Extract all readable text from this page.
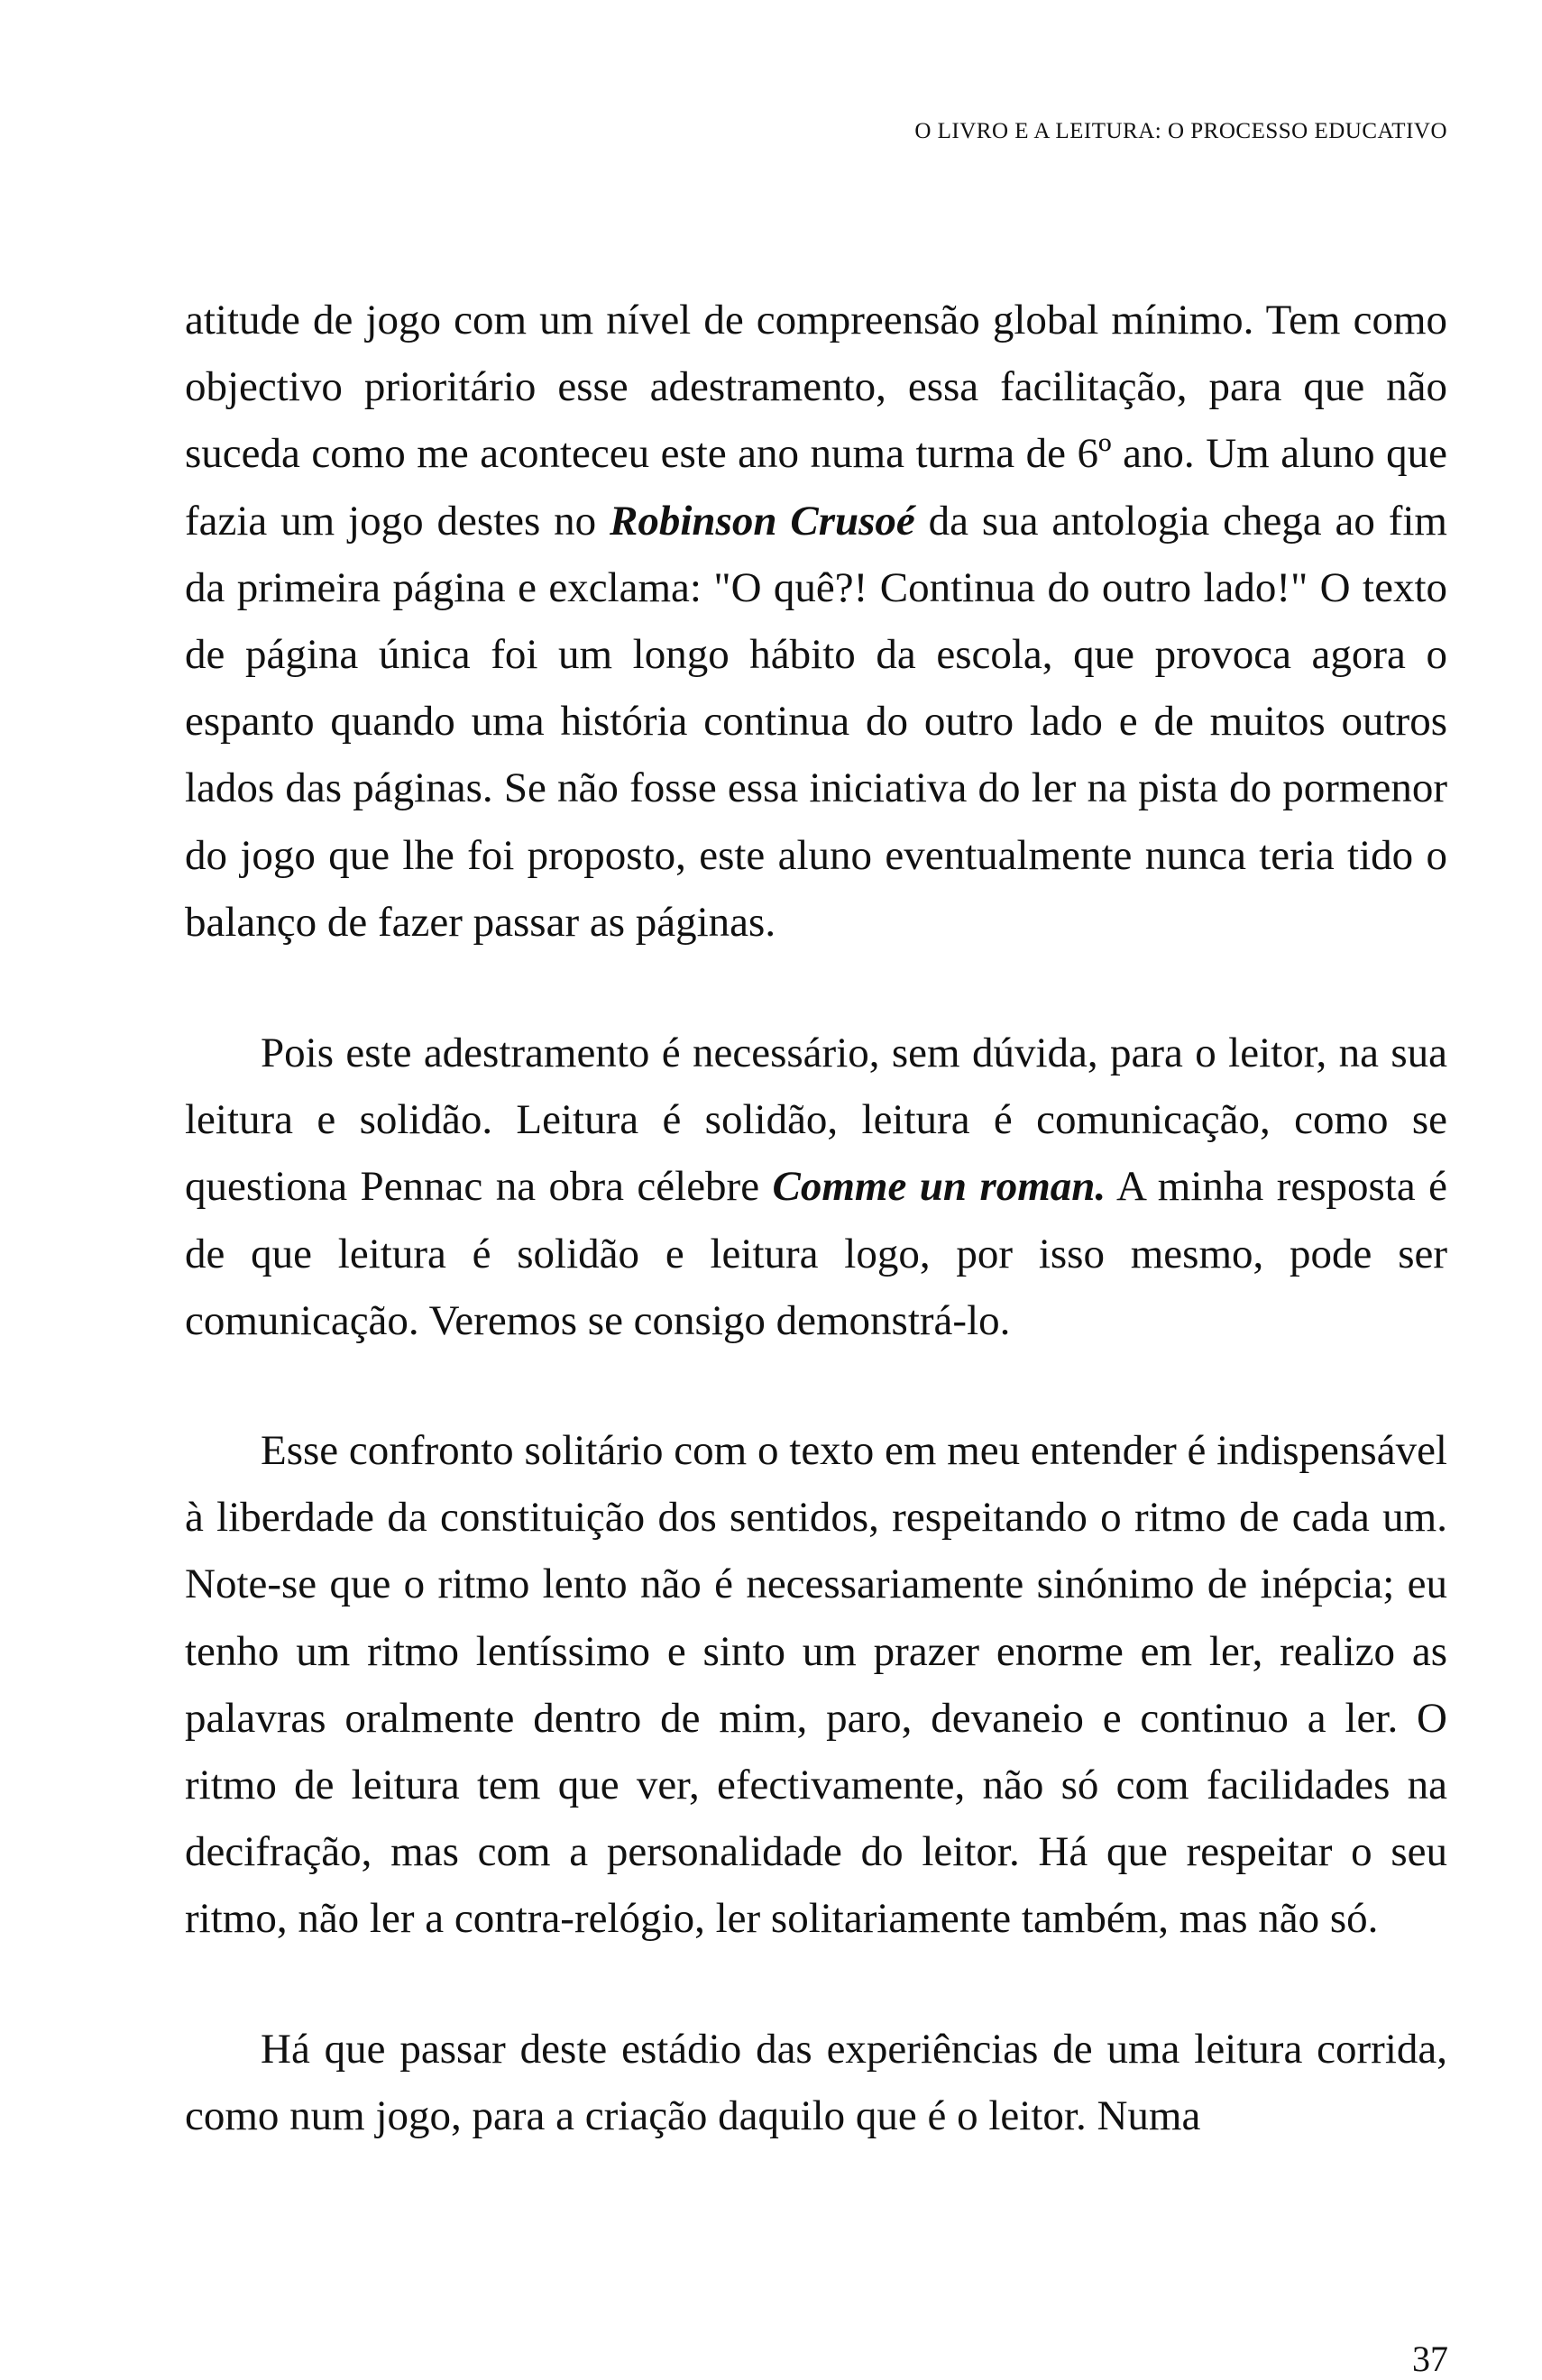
O LIVRO E A LEITURA: O PROCESSO EDUCATIVO

atitude de jogo com um nível de compreensão global mínimo. Tem como objectivo prioritário esse adestramento, essa facilitação, para que não suceda como me aconteceu este ano numa turma de 6º ano. Um aluno que fazia um jogo destes no Robinson Crusoé da sua antologia chega ao fim da primeira página e exclama: "O quê?! Continua do outro lado!" O texto de página única foi um longo hábito da escola, que provoca agora o espanto quando uma história continua do outro lado e de muitos outros lados das páginas. Se não fosse essa iniciativa do ler na pista do pormenor do jogo que lhe foi proposto, este aluno eventualmente nunca teria tido o balanço de fazer passar as páginas.

Pois este adestramento é necessário, sem dúvida, para o leitor, na sua leitura e solidão. Leitura é solidão, leitura é comunicação, como se questiona Pennac na obra célebre Comme un roman. A minha resposta é de que leitura é solidão e leitura logo, por isso mesmo, pode ser comunicação. Veremos se consigo demonstrá-lo.

Esse confronto solitário com o texto em meu entender é indispensável à liberdade da constituição dos sentidos, respeitando o ritmo de cada um. Note-se que o ritmo lento não é necessariamente sinónimo de inépcia; eu tenho um ritmo lentíssimo e sinto um prazer enorme em ler, realizo as palavras oralmente dentro de mim, paro, devaneio e continuo a ler. O ritmo de leitura tem que ver, efectivamente, não só com facilidades na decifração, mas com a personalidade do leitor. Há que respeitar o seu ritmo, não ler a contra-relógio, ler solitariamente também, mas não só.

Há que passar deste estádio das experiências de uma leitura corrida, como num jogo, para a criação daquilo que é o leitor. Numa

37
